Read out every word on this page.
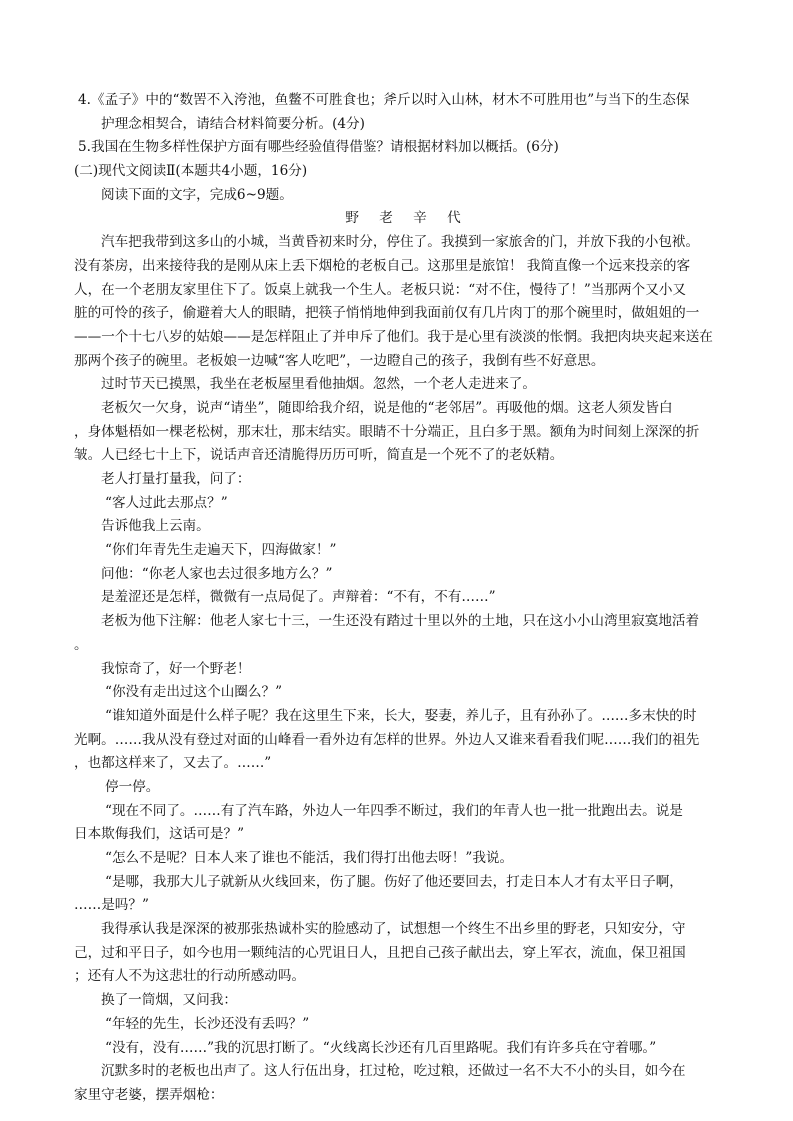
4.《孟子》中的“数罟不入洿池，鱼鳖不可胜食也；斧斤以时入山林，材木不可胜用也”与当下的生态保
护理念相契合，请结合材料简要分析。(4分)
5.我国在生物多样性保护方面有哪些经验值得借鉴？请根据材料加以概括。(6分)
(二)现代文阅读Ⅱ(本题共4小题，16分)
阅读下面的文字，完成6~9题。
野 老 辛 代
汽车把我带到这多山的小城，当黄昏初来时分，停住了。我摸到一家旅舍的门，并放下我的小包袱。
没有茶房，出来接待我的是刚从床上丢下烟枪的老板自己。这那里是旅馆！ 我简直像一个远来投亲的客
人，在一个老朋友家里住下了。饭桌上就我一个生人。老板只说：“对不住，慢待了！”当那两个又小又
脏的可怜的孩子，偷避着大人的眼睛，把筷子悄悄地伸到我面前仅有几片肉丁的那个碗里时，做姐姐的一
——一个十七八岁的姑娘——是怎样阻止了并申斥了他们。我于是心里有淡淡的怅惘。我把肉块夹起来送在
那两个孩子的碗里。老板娘一边喊“客人吃吧”，一边瞪自己的孩子，我倒有些不好意思。
过时节天已摸黑，我坐在老板屋里看他抽烟。忽然，一个老人走进来了。
老板欠一欠身，说声“请坐”，随即给我介绍，说是他的“老邻居”。再吸他的烟。这老人须发皆白
，身体魁梧如一棵老松树，那末壮，那末结实。眼睛不十分端正，且白多于黑。额角为时间刻上深深的折
皱。人已经七十上下，说话声音还清脆得历历可听，简直是一个死不了的老妖精。
老人打量打量我，问了：
“客人过此去那点？”
告诉他我上云南。
“你们年青先生走遍天下，四海做家！”
问他：“你老人家也去过很多地方么？”
是羞涩还是怎样，微微有一点局促了。声辩着：“不有，不有……”
老板为他下注解：他老人家七十三，一生还没有踏过十里以外的土地，只在这小小山湾里寂寞地活着
。
我惊奇了，好一个野老！
“你没有走出过这个山圈么？”
“谁知道外面是什么样子呢？我在这里生下来，长大，娶妻，养儿子，且有孙孙了。……多末快的时
光啊。……我从没有登过对面的山峰看一看外边有怎样的世界。外边人又谁来看看我们呢……我们的祖先
，也都这样来了，又去了。……”
停一停。
“现在不同了。……有了汽车路，外边人一年四季不断过，我们的年青人也一批一批跑出去。说是
日本欺侮我们，这话可是？”
“怎么不是呢？日本人来了谁也不能活，我们得打出他去呀！”我说。
“是哪，我那大儿子就新从火线回来，伤了腿。伤好了他还要回去，打走日本人才有太平日子啊，
……是吗？”
我得承认我是深深的被那张热诚朴实的脸感动了，试想想一个终生不出乡里的野老，只知安分，守
己，过和平日子，如今也用一颗纯洁的心咒诅日人，且把自己孩子献出去，穿上军衣，流血，保卫祖国
；还有人不为这悲壮的行动所感动吗。
换了一筒烟，又问我：
“年轻的先生，长沙还没有丢吗？”
“没有，没有……”我的沉思打断了。“火线离长沙还有几百里路呢。我们有许多兵在守着哪。”
沉默多时的老板也出声了。这人行伍出身，扛过枪，吃过粮，还做过一名不大不小的头目，如今在
家里守老婆，摆弄烟枪：
